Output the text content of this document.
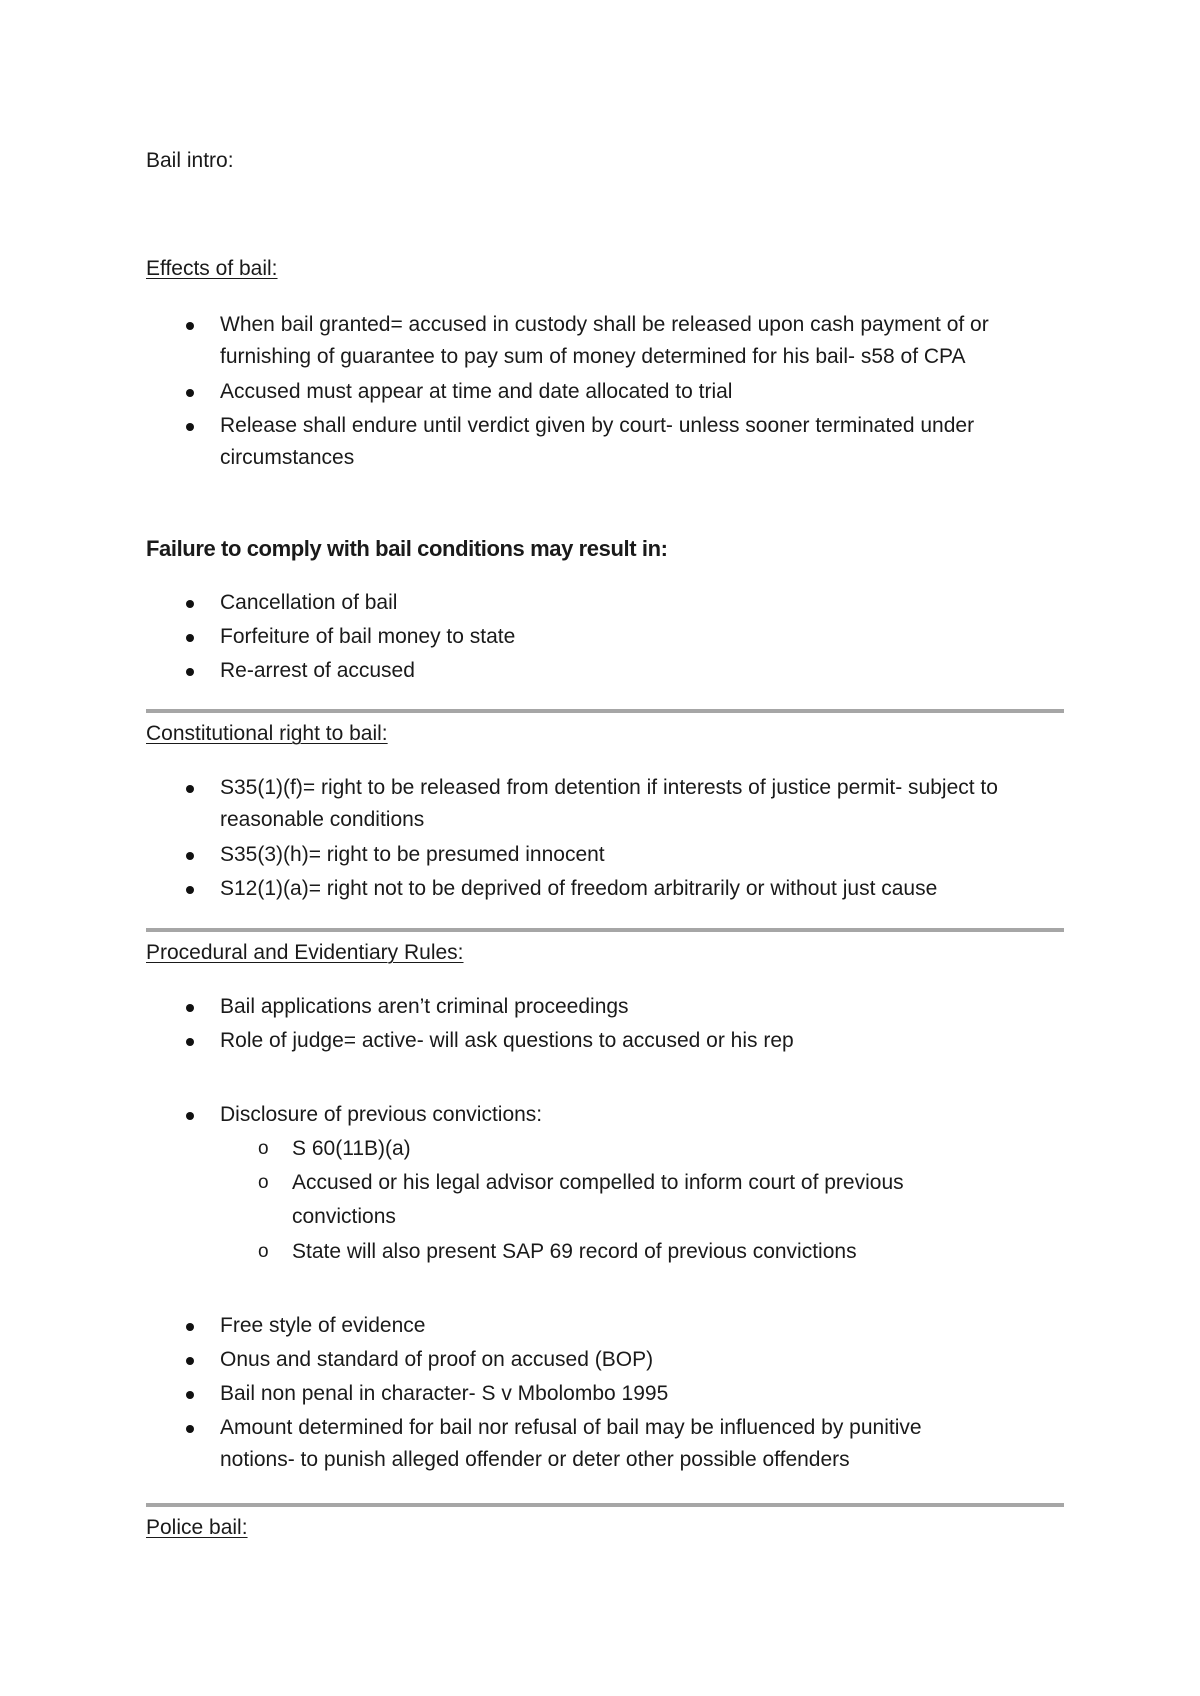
Bail intro:
Effects of bail:
When bail granted= accused in custody shall be released upon cash payment of or
furnishing of guarantee to pay sum of money determined for his bail- s58 of CPA
Accused must appear at time and date allocated to trial
Release shall endure until verdict given by court- unless sooner terminated under
circumstances
Failure to comply with bail conditions may result in:
Cancellation of bail
Forfeiture of bail money to state
Re-arrest of accused
Constitutional right to bail:
S35(1)(f)= right to be released from detention if interests of justice permit- subject to
reasonable conditions
S35(3)(h)= right to be presumed innocent
S12(1)(a)= right not to be deprived of freedom arbitrarily or without just cause
Procedural and Evidentiary Rules:
Bail applications aren’t criminal proceedings
Role of judge= active- will ask questions to accused or his rep
Disclosure of previous convictions:
o S 60(11B)(a)
o Accused or his legal advisor compelled to inform court of previous
convictions
o State will also present SAP 69 record of previous convictions
Free style of evidence
Onus and standard of proof on accused (BOP)
Bail non penal in character- S v Mbolombo 1995
Amount determined for bail nor refusal of bail may be influenced by punitive
notions- to punish alleged offender or deter other possible offenders
Police bail:
